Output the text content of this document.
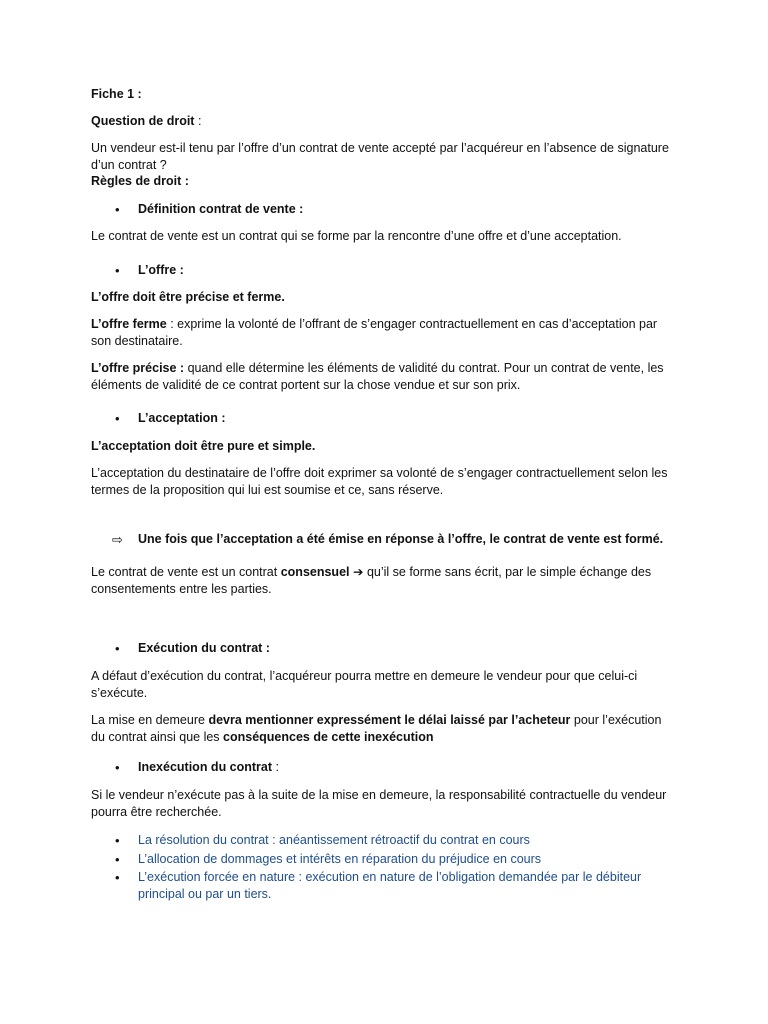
Fiche 1 :
Question de droit :
Un vendeur est-il tenu par l’offre d’un contrat de vente accepté par l’acquéreur en l’absence de signature d’un contrat ?
Règles de droit :
• Définition contrat de vente :
Le contrat de vente est un contrat qui se forme par la rencontre d’une offre et d’une acceptation.
• L’offre :
L’offre doit être précise et ferme.
L’offre ferme : exprime la volonté de l’offrant de s’engager contractuellement en cas d’acceptation par son destinataire.
L’offre précise : quand elle détermine les éléments de validité du contrat. Pour un contrat de vente, les éléments de validité de ce contrat portent sur la chose vendue et sur son prix.
• L’acceptation :
L’acceptation doit être pure et simple.
L’acceptation du destinataire de l’offre doit exprimer sa volonté de s’engager contractuellement selon les termes de la proposition qui lui est soumise et ce, sans réserve.
⇨ Une fois que l’acceptation a été émise en réponse à l’offre, le contrat de vente est formé.
Le contrat de vente est un contrat consensuel ➔ qu’il se forme sans écrit, par le simple échange des consentements entre les parties.
• Exécution du contrat :
A défaut d’exécution du contrat, l’acquéreur pourra mettre en demeure le vendeur pour que celui-ci s’exécute.
La mise en demeure devra mentionner expressément le délai laissé par l’acheteur pour l’exécution du contrat ainsi que les conséquences de cette inexécution
• Inexécution du contrat :
Si le vendeur n’exécute pas à la suite de la mise en demeure, la responsabilité contractuelle du vendeur pourra être recherchée.
• La résolution du contrat : anéantissement rétroactif du contrat en cours
• L’allocation de dommages et intérêts en réparation du préjudice en cours
• L’exécution forcée en nature : exécution en nature de l’obligation demandée par le débiteur principal ou par un tiers.
